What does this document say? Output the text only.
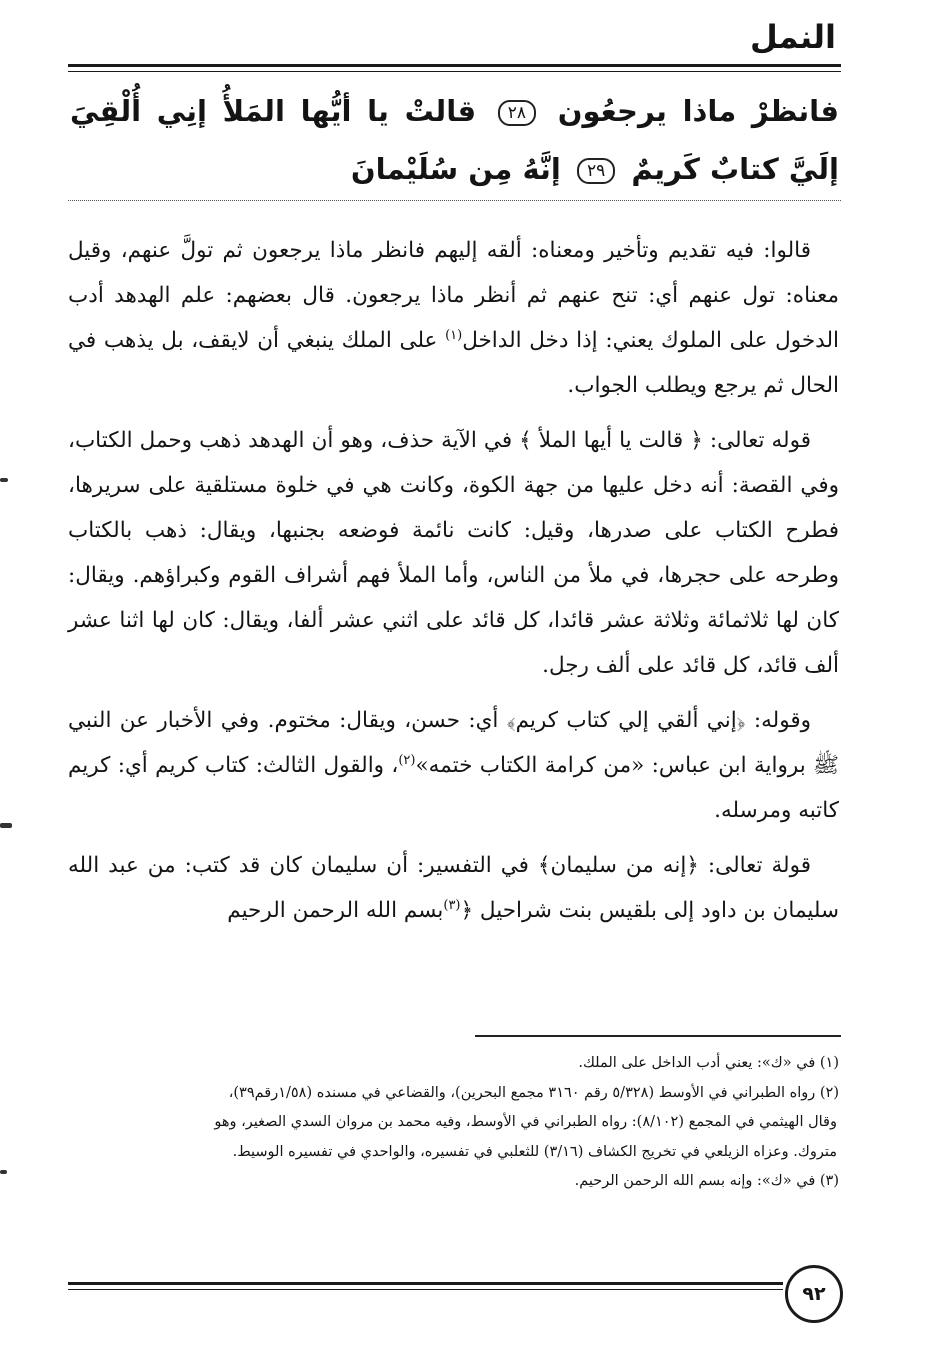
النمل
فانظرْ ماذا يرجعُون ٢٨ قالتْ يا أيُّها المَلأُ إنِي أُلْقِيَ إلَيَّ كتابٌ كَريمٌ ٢٩ إنَّهُ مِن سُلَيْمانَ

قالوا: فيه تقديم وتأخير ومعناه: ألقه إليهم فانظر ماذا يرجعون ثم تولَّ عنهم، وقيل معناه: تول عنهم أي: تنح عنهم ثم أنظر ماذا يرجعون. قال بعضهم: علم الهدهد أدب الدخول على الملوك يعني: إذا دخل الداخل$^{(١)}$ على الملك ينبغي أن لايقف، بل يذهب في الحال ثم يرجع ويطلب الجواب.

قوله تعالى: ﴿ قالت يا أيها الملأ ﴾ في الآية حذف، وهو أن الهدهد ذهب وحمل الكتاب، وفي القصة: أنه دخل عليها من جهة الكوة، وكانت هي في خلوة مستلقية على سريرها، فطرح الكتاب على صدرها، وقيل: كانت نائمة فوضعه بجنبها، ويقال: ذهب بالكتاب وطرحه على حجرها، في ملأ من الناس، وأما الملأ فهم أشراف القوم وكبراؤهم. ويقال: كان لها ثلاثمائة وثلاثة عشر قائدا، كل قائد على اثني عشر ألفا، ويقال: كان لها اثنا عشر ألف قائد، كل قائد على ألف رجل.

وقوله: ﴿إني ألقي إلي كتاب كريم﴾ أي: حسن، ويقال: مختوم. وفي الأخبار عن النبي ﷺ برواية ابن عباس: «من كرامة الكتاب ختمه»$^{(٢)}$، والقول الثالث: كتاب كريم أي: كريم كاتبه ومرسله.

قولة تعالى: ﴿إنه من سليمان﴾ في التفسير: أن سليمان كان قد كتب: من عبد الله سليمان بن داود إلى بلقيس بنت شراحيل ﴿$^{(٣)}$بسم الله الرحمن الرحيم

(١) في «ك»: يعني أدب الداخل على الملك.

(٢) رواه الطبراني في الأوسط (٥/٣٢٨ رقم ٣١٦٠ مجمع البحرين)، والقضاعي في مسنده (١/٥٨رقم٣٩)،

وقال الهيثمي في المجمع (٨/١٠٢): رواه الطبراني في الأوسط، وفيه محمد بن مروان السدي الصغير، وهو

متروك. وعزاه الزيلعي في تخريج الكشاف (٣/١٦) للثعلبي في تفسيره، والواحدي في تفسيره الوسيط.

(٣) في «ك»: وإنه بسم الله الرحمن الرحيم.

٩٢
